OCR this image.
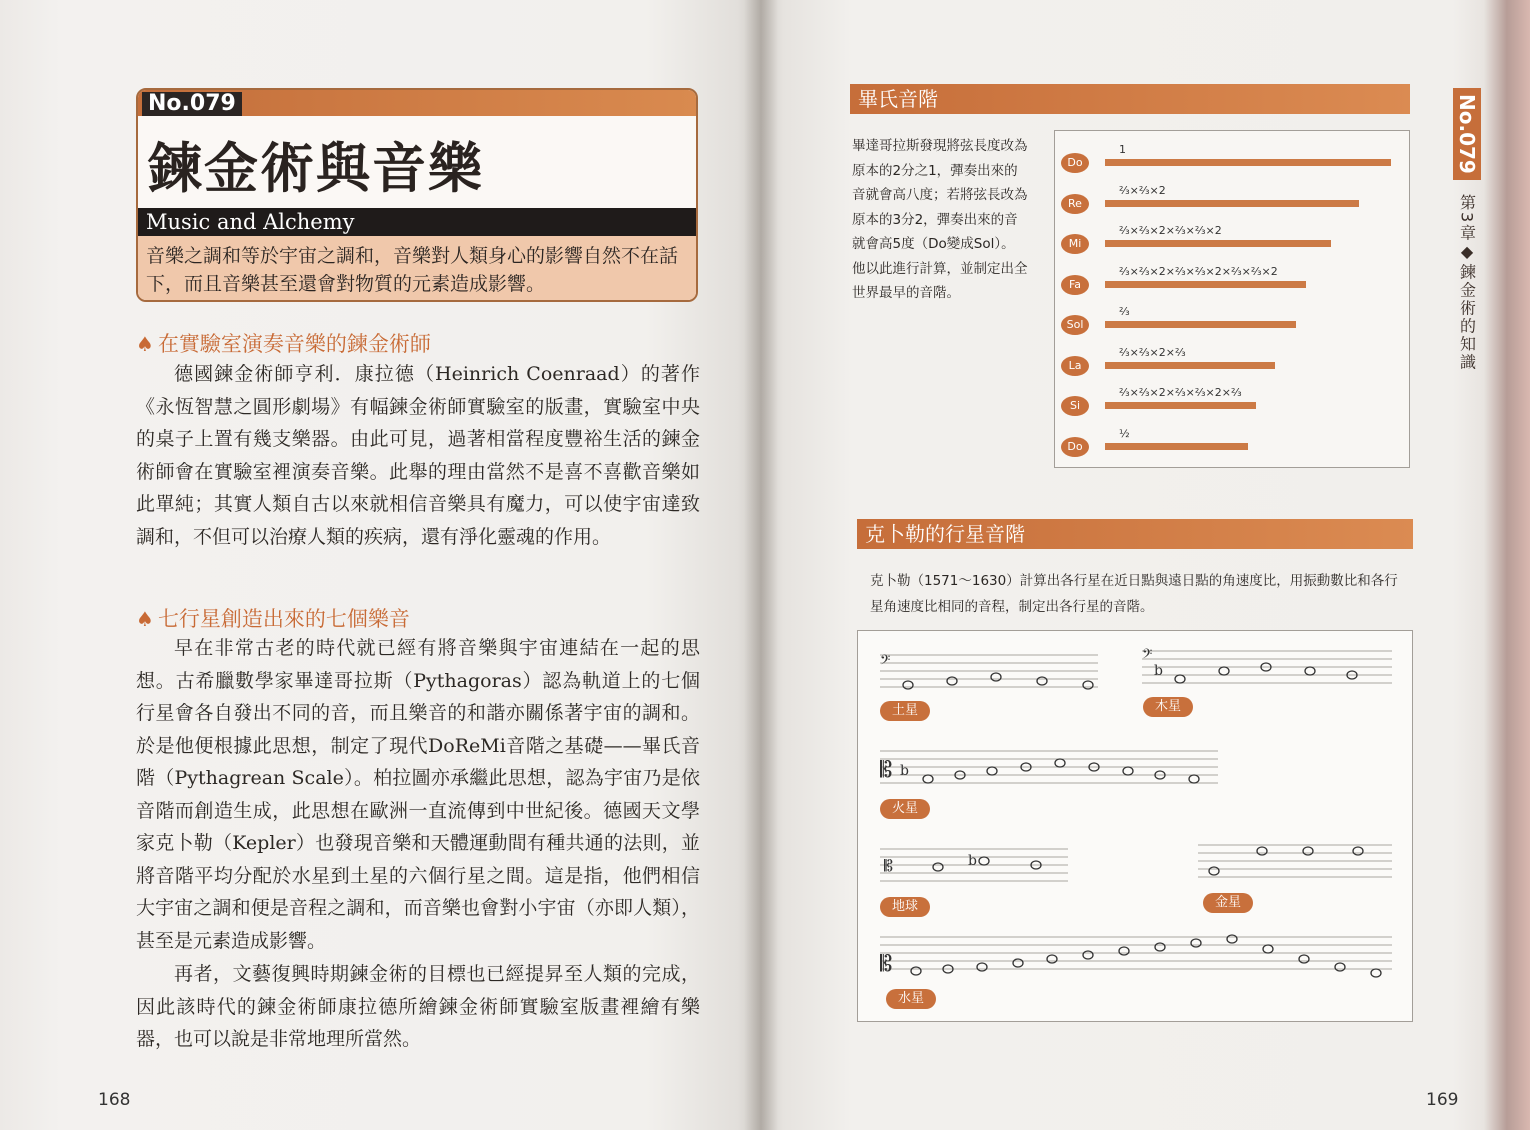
No.079
鍊金術與音樂
Music and Alchemy
音樂之調和等於宇宙之調和，音樂對人類身心的影響自然不在話下，而且音樂甚至還會對物質的元素造成影響。
♠ 在實驗室演奏音樂的鍊金術師
德國鍊金術師亨利．康拉德（Heinrich Coenraad）的著作《永恆智慧之圓形劇場》有幅鍊金術師實驗室的版畫，實驗室中央的桌子上置有幾支樂器。由此可見，過著相當程度豐裕生活的鍊金術師會在實驗室裡演奏音樂。此舉的理由當然不是喜不喜歡音樂如此單純；其實人類自古以來就相信音樂具有魔力，可以使宇宙達致調和，不但可以治療人類的疾病，還有淨化靈魂的作用。
♠ 七行星創造出來的七個樂音
早在非常古老的時代就已經有將音樂與宇宙連結在一起的思想。古希臘數學家畢達哥拉斯（Pythagoras）認為軌道上的七個行星會各自發出不同的音，而且樂音的和諧亦關係著宇宙的調和。於是他便根據此思想，制定了現代DoReMi音階之基礎——畢氏音階（Pythagrean Scale）。柏拉圖亦承繼此思想，認為宇宙乃是依音階而創造生成，此思想在歐洲一直流傳到中世紀後。德國天文學家克卜勒（Kepler）也發現音樂和天體運動間有種共通的法則，並將音階平均分配於水星到土星的六個行星之間。這是指，他們相信大宇宙之調和便是音程之調和，而音樂也會對小宇宙（亦即人類），甚至是元素造成影響。
再者，文藝復興時期鍊金術的目標也已經提昇至人類的完成，因此該時代的鍊金術師康拉德所繪鍊金術師實驗室版畫裡繪有樂器，也可以說是非常地理所當然。
168
畢氏音階
畢達哥拉斯發現將弦長度改為原本的2分之1，彈奏出來的音就會高八度；若將弦長改為原本的3分2，彈奏出來的音就會高5度（Do變成Sol）。他以此進行計算，並制定出全世界最早的音階。
Do
1
Re
⅔×⅔×2
Mi
⅔×⅔×2×⅔×⅔×2
Fa
⅔×⅔×2×⅔×⅔×2×⅔×⅔×2
Sol
⅔
La
⅔×⅔×2×⅔
Si
⅔×⅔×2×⅔×⅔×2×⅔
Do
½
克卜勒的行星音階
克卜勒（1571～1630）計算出各行星在近日點與遠日點的角速度比，用振動數比和各行星角速度比相同的音程，制定出各行星的音階。
𝄢	𝄢
b
𝄡 b
𝄡	b
𝄡
土星	木星
火星
地球	金星
水星
No.079
第3章◆鍊金術的知識
169
